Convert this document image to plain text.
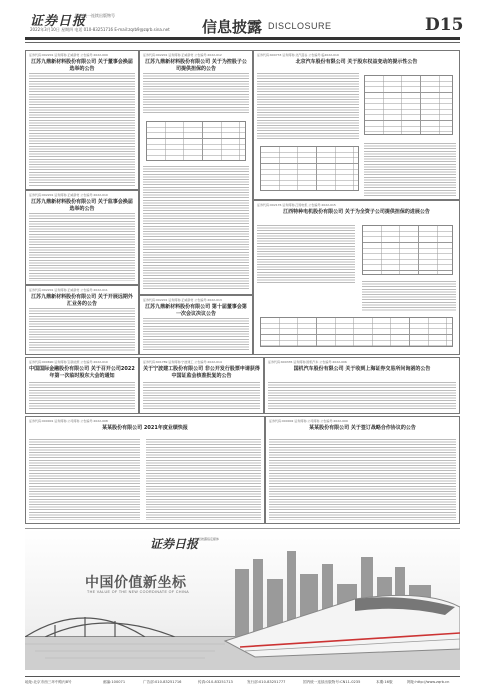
证券日报
国内统一连续出版物号
2022年3月10日 星期四 电话 010-83251716 E-mail:zqrb9@zqrb.sina.net 信息披露 DISCLOSURE	D15
证券代码:002201 证券简称:正威新材 公告编号:2022-009
江苏九鼎新材料股份有限公司 关于董事会换届选举的公告
证券代码:002201 证券简称:正威新材 公告编号:2022-010
江苏九鼎新材料股份有限公司 关于监事会换届选举的公告
证券代码:002201 证券简称:正威新材 公告编号:2022-011
江苏九鼎新材料股份有限公司 关于开展远期外汇业务的公告
证券代码:002201 证券简称:正威新材 公告编号:2022-012
江苏九鼎新材料股份有限公司 关于为控股子公司提供担保的公告
证券代码:002201 证券简称:正威新材 公告编号:2022-013
江苏九鼎新材料股份有限公司 第十届董事会第一次会议决议公告
证券代码:600733 证券简称:北汽蓝谷 公告编号:临2022-019
北京汽车股份有限公司 关于股东权益变动的提示性公告
证券代码:002176 证券简称:江特电机 公告编号:2022-015
江西特种电机股份有限公司 关于为全资子公司提供担保的进展公告
证券代码:000690 证券简称:宝新能源 公告编号:2022-010
中国国际金融股份有限公司 关于召开公司2022年第一次临时股东大会的通知
证券代码:601789 证券简称:宁波建工 公告编号:2022-014
关于宁波建工股份有限公司 非公开发行股票申请获得中国证监会核准批复的公告
证券代码:600335 证券简称:国机汽车 公告编号:2022-006
国机汽车股份有限公司 关于收到上海证券交易所问询函的公告
证券代码:000001 证券简称:公司简称 公告编号:2022-008
某某股份有限公司 2021年度业绩快报
证券代码:000002 证券简称:公司简称 公告编号:2022-009
某某股份有限公司 关于签订战略合作协议的公告
证券日报
信息披露指定媒体
中国价值新坐标
THE VALUE OF THE NEW COORDINATE OF CHINA
地址:北京市西三环中路丙8号	邮编:100071	广告部:010-83251716	传真:010-83251713	发行部:010-83251777	国内统一连续出版物号:CN11-0235	本期:16版	网址:http://www.zqrb.cn
